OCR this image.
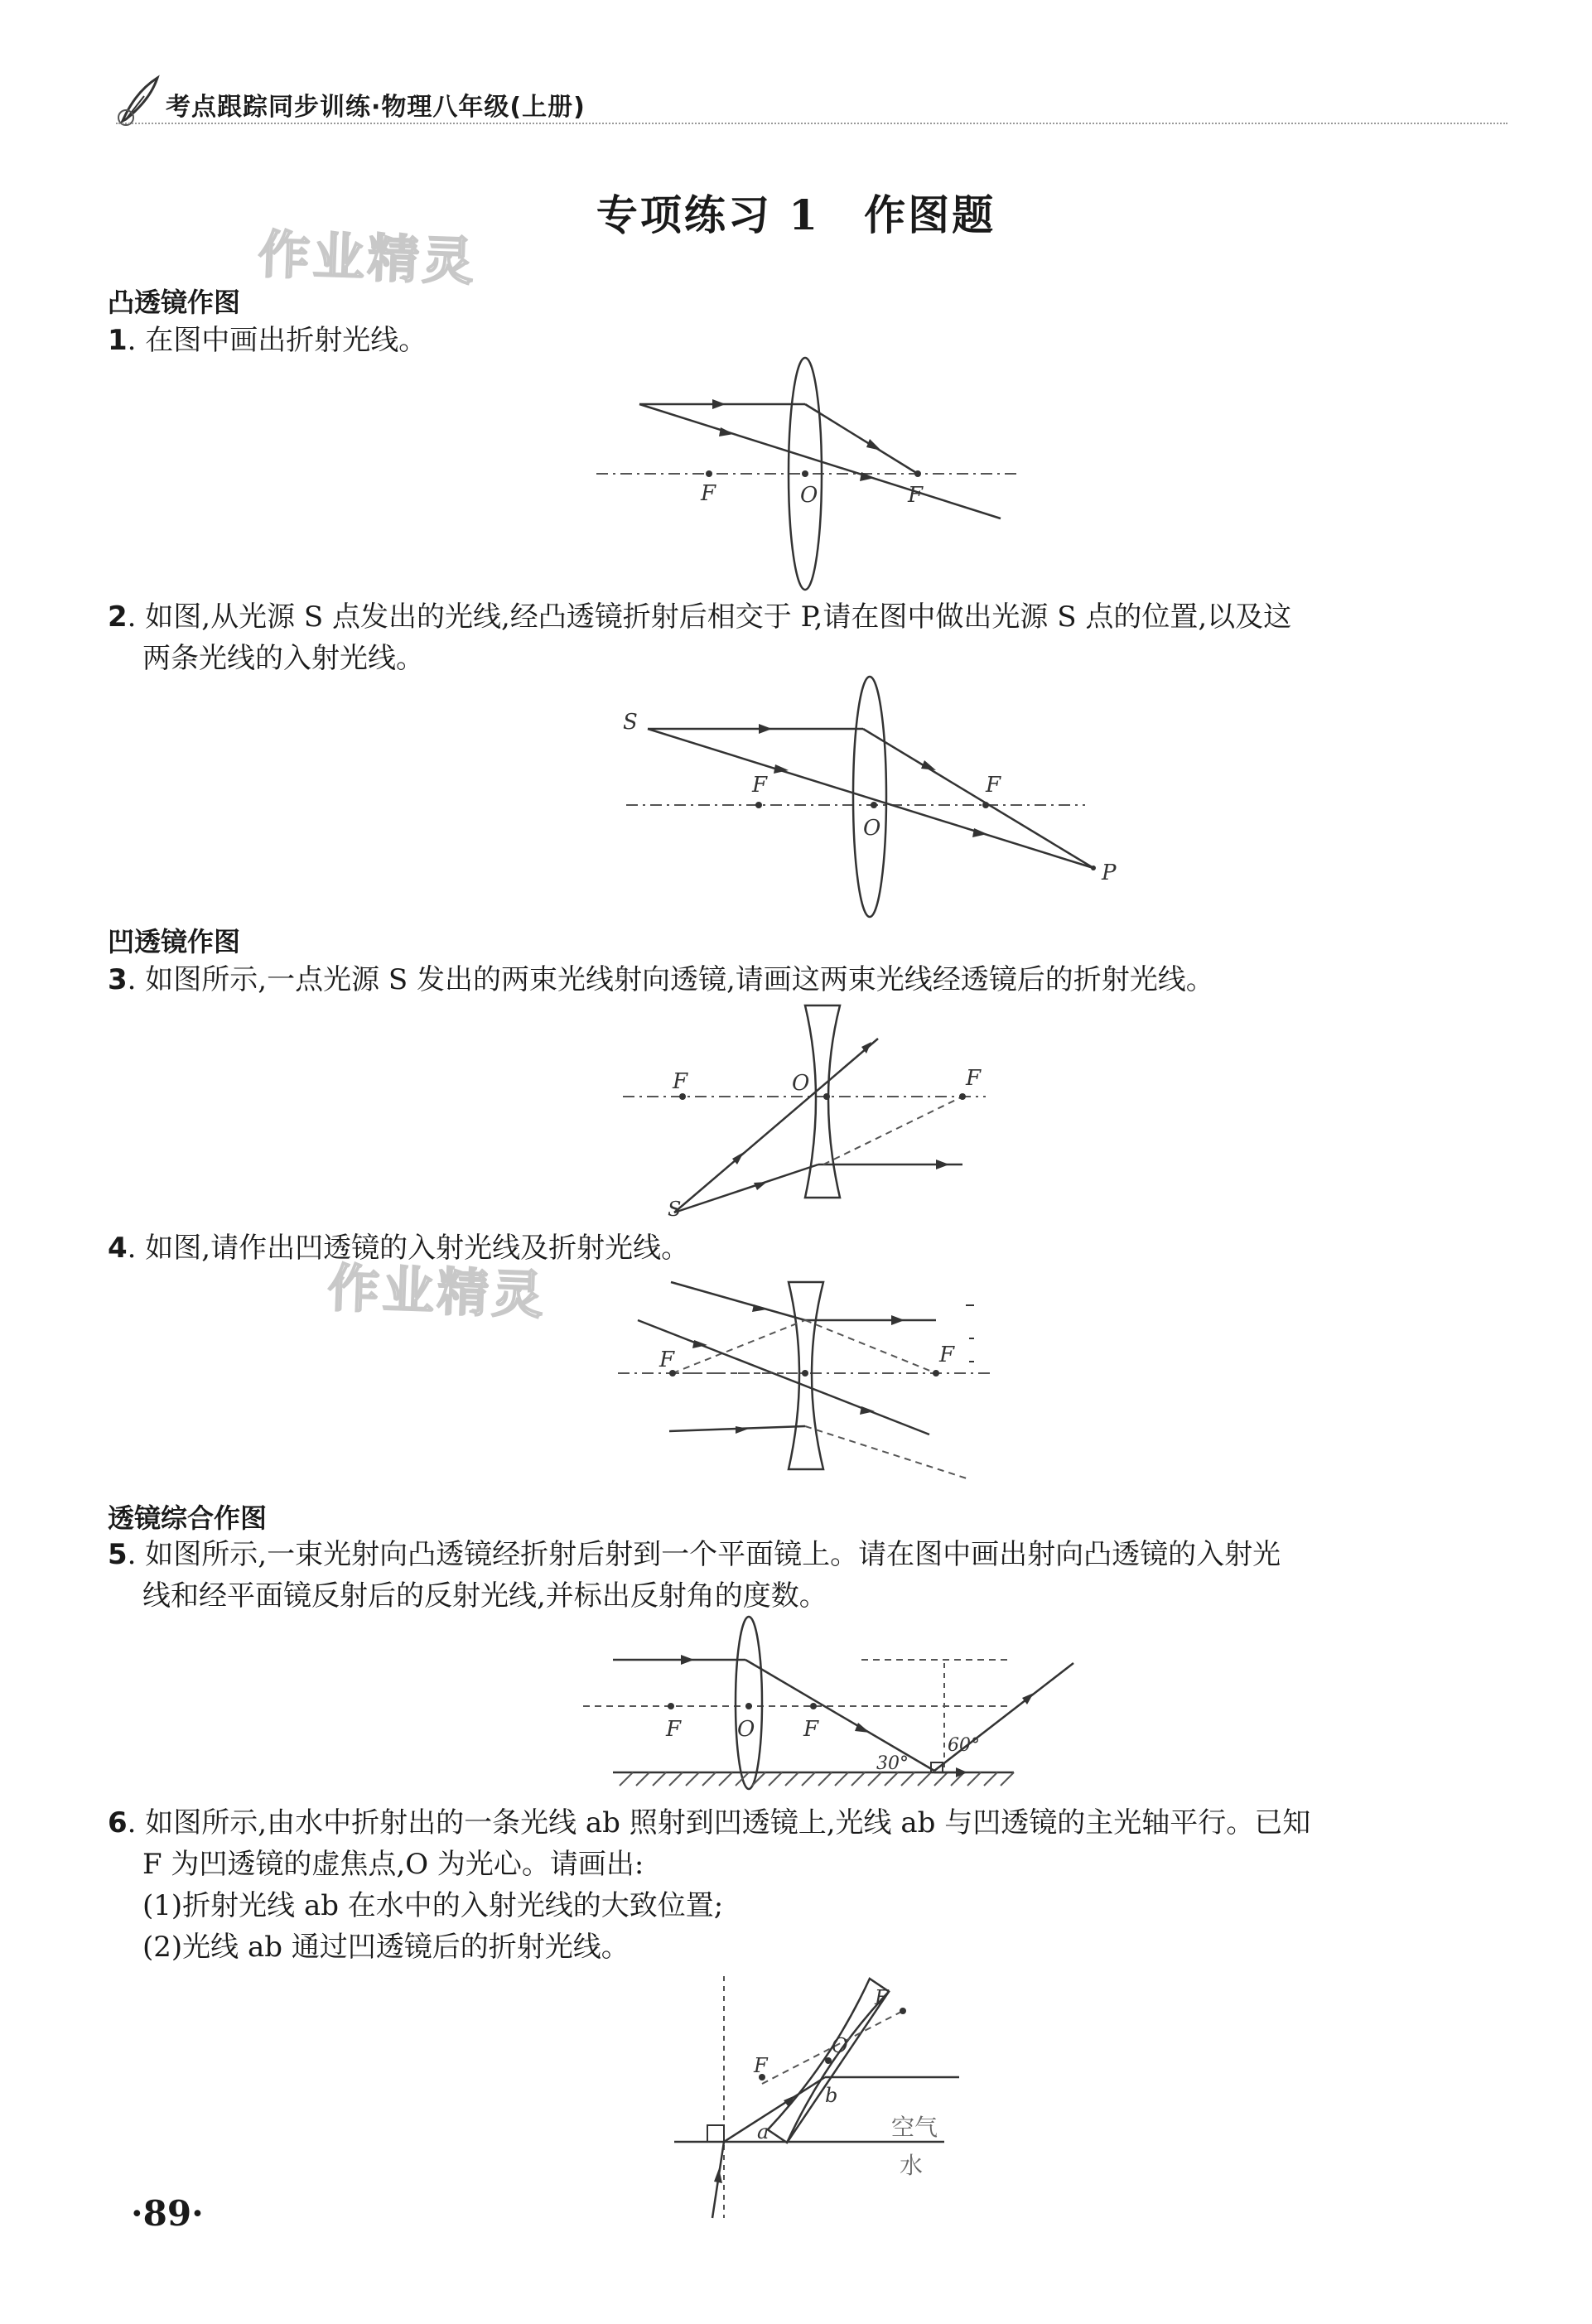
考点跟踪同步训练·物理八年级(上册)
专项练习 1　作图题
作业精灵
凸透镜作图
1. 在图中画出折射光线。
F	O	F
2. 如图,从光源 S 点发出的光线,经凸透镜折射后相交于 P,请在图中做出光源 S 点的位置,以及这
两条光线的入射光线。
S
F
O
F
P
凹透镜作图
3. 如图所示,一点光源 S 发出的两束光线射向透镜,请画这两束光线经透镜后的折射光线。
F	O	F
S
4. 如图,请作出凹透镜的入射光线及折射光线。
作业精灵
F	F
透镜综合作图
5. 如图所示,一束光射向凸透镜经折射后射到一个平面镜上。请在图中画出射向凸透镜的入射光
线和经平面镜反射后的反射光线,并标出反射角的度数。
F	O F
30°
60°
6. 如图所示,由水中折射出的一条光线 ab 照射到凹透镜上,光线 ab 与凹透镜的主光轴平行。已知
F 为凹透镜的虚焦点,O 为光心。请画出:
(1)折射光线 ab 在水中的入射光线的大致位置;
(2)光线 ab 通过凹透镜后的折射光线。
F
O
F
b
a	空气
水
·89·
